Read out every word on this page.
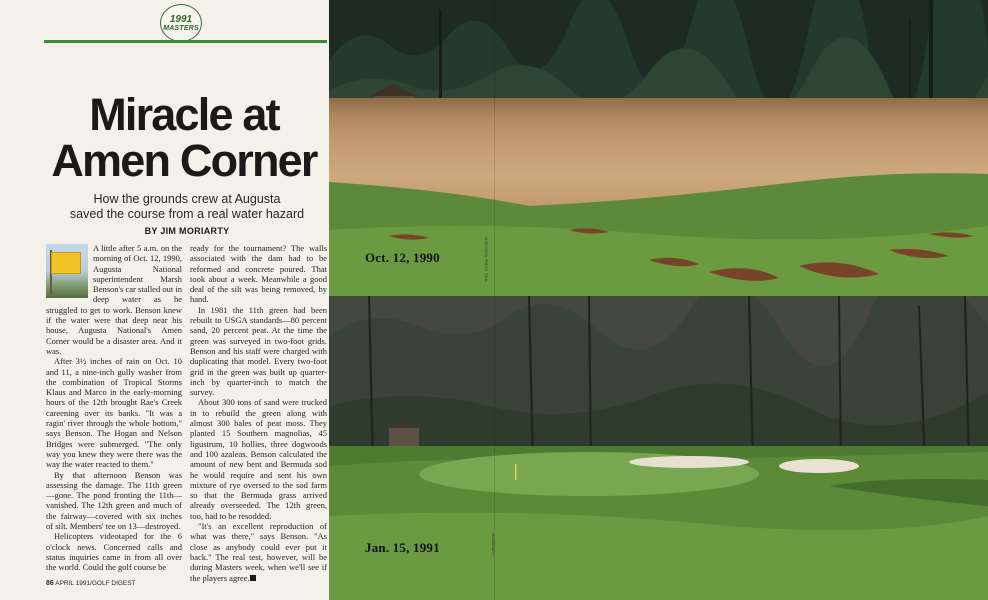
1991
MASTERS
Miracle at
Amen Corner
How the grounds crew at Augusta
saved the course from a real water hazard
BY JIM MORIARTY

A little after 5 a.m. on the morning of Oct. 12, 1990, Augusta National superintendent Marsh Benson's car stalled out in deep water as he struggled to get to work. Benson knew if the water were that deep near his house, Augusta National's Amen Corner would be a disaster area. And it was.

After 3½ inches of rain on Oct. 10 and 11, a nine-inch gully washer from the combination of Tropical Storms Klaus and Marco in the early-morning hours of the 12th brought Rae's Creek careening over its banks. "It was a ragin' river through the whole bottom," says Benson. The Hogan and Nelson Bridges were submerged. "The only way you knew they were there was the way the water reacted to them."

By that afternoon Benson was assessing the damage. The 11th green—gone. The pond fronting the 11th—vanished. The 12th green and much of the fairway—covered with six inches of silt. Members' tee on 13—destroyed.

Helicopters videotaped for the 6 o'clock news. Concerned calls and status inquiries came in from all over the world. Could the golf course be

ready for the tournament? The walls associated with the dam had to be reformed and concrete poured. That took about a week. Meanwhile a good deal of the silt was being removed, by hand.

In 1981 the 11th green had been rebuilt to USGA standards—80 percent sand, 20 percent peat. At the time the green was surveyed in two-foot grids. Benson and his staff were charged with duplicating that model. Every two-foot grid in the green was built up quarter-inch by quarter-inch to match the survey.

About 300 tons of sand were trucked in to rebuild the green along with almost 300 bales of peat moss. They planted 15 Southern magnolias, 45 ligustrum, 10 hollies, three dogwoods and 100 azaleas. Benson calculated the amount of new bent and Bermuda sod he would require and sent his own mixture of rye oversed to the sod farm so that the Bermuda grass arrived already overseeded. The 12th green, too, had to be resodded.

"It's an excellent reproduction of what was there," says Benson. "As close as anybody could ever put it back." The real test, however, will be during Masters week, when we'll see if the players agree.

86 APRIL 1991/GOLF DIGEST
Oct. 12, 1990
Jan. 15, 1991
ADDITIONAL PHOTO: PAUL
JIM MORIARTY
